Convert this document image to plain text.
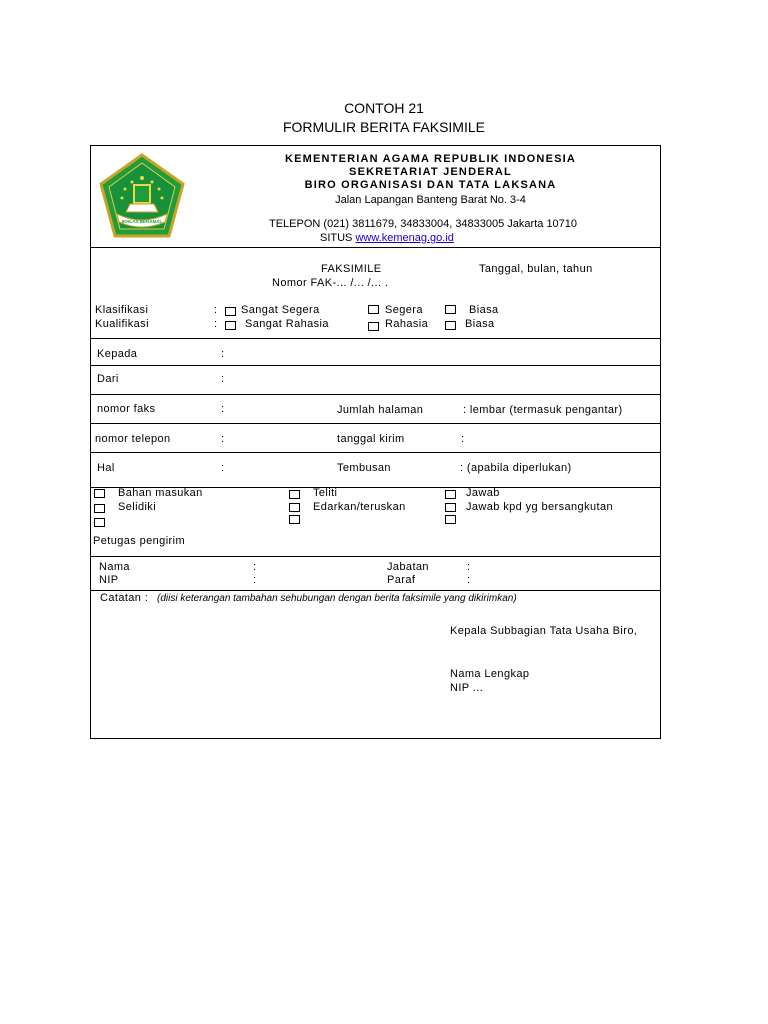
CONTOH 21
FORMULIR BERITA FAKSIMILE
IKHLAS BERAMAL
KEMENTERIAN AGAMA REPUBLIK INDONESIA
SEKRETARIAT JENDERAL
BIRO ORGANISASI DAN TATA LAKSANA
Jalan Lapangan Banteng Barat No. 3-4
TELEPON (021) 3811679, 34833004, 34833005 Jakarta 10710
SITUS www.kemenag.go.id
FAKSIMILE	Tanggal, bulan, tahun
Nomor FAK-... /... /... .
Klasifikasi	: Sangat Segera	Segera	Biasa
Kualifikasi	:	Sangat Rahasia	Rahasia	Biasa
Kepada	:
Dari	:
nomor faks	:	Jumlah halaman	: lembar (termasuk pengantar)
nomor telepon	:	tanggal kirim	:
Hal	:	Tembusan	: (apabila diperlukan)
Bahan masukan	Teliti	Jawab
Selidiki	Edarkan/teruskan	Jawab kpd yg bersangkutan
Petugas pengirim
Nama	:	Jabatan	:
NIP	:	Paraf	:
Catatan : (diisi keterangan tambahan sehubungan dengan berita faksimile yang dikirimkan)
Kepala Subbagian Tata Usaha Biro,
Nama Lengkap
NIP ...
